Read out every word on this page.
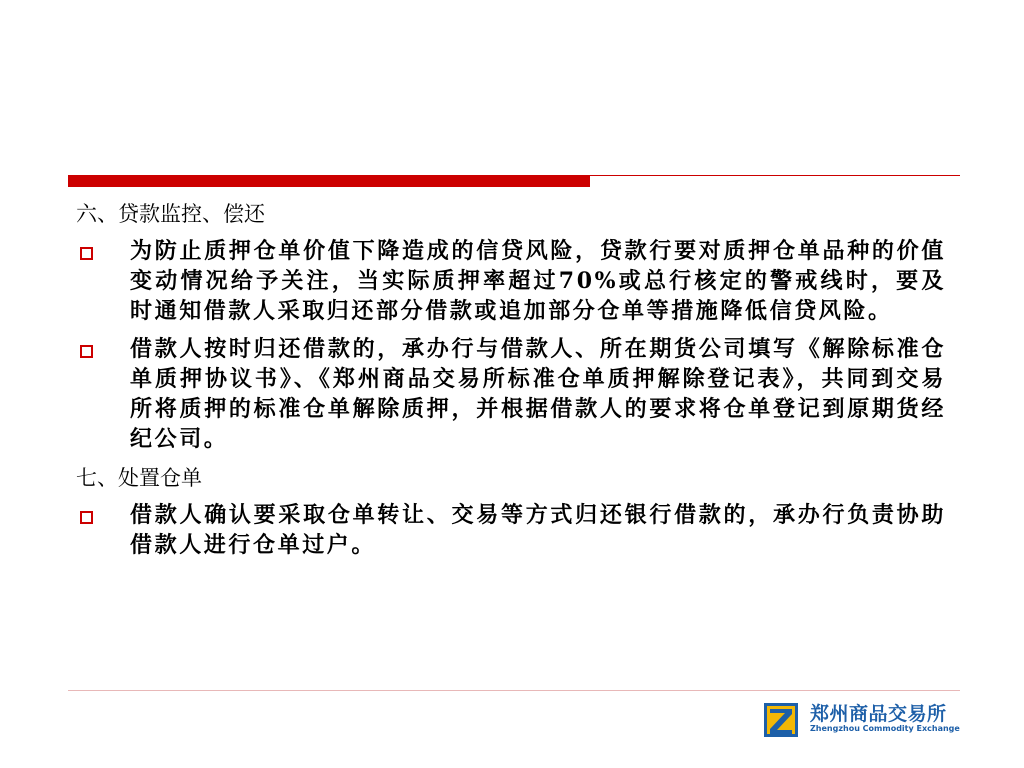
六、贷款监控、偿还
为防止质押仓单价值下降造成的信贷风险，贷款行要对质押仓单品种的价值变动情况给予关注，当实际质押率超过70%或总行核定的警戒线时，要及时通知借款人采取归还部分借款或追加部分仓单等措施降低信贷风险。
借款人按时归还借款的，承办行与借款人、所在期货公司填写《解除标准仓单质押协议书》、《郑州商品交易所标准仓单质押解除登记表》，共同到交易所将质押的标准仓单解除质押，并根据借款人的要求将仓单登记到原期货经纪公司。
七、处置仓单
借款人确认要采取仓单转让、交易等方式归还银行借款的，承办行负责协助借款人进行仓单过户。
郑州商品交易所
Zhengzhou Commodity Exchange
